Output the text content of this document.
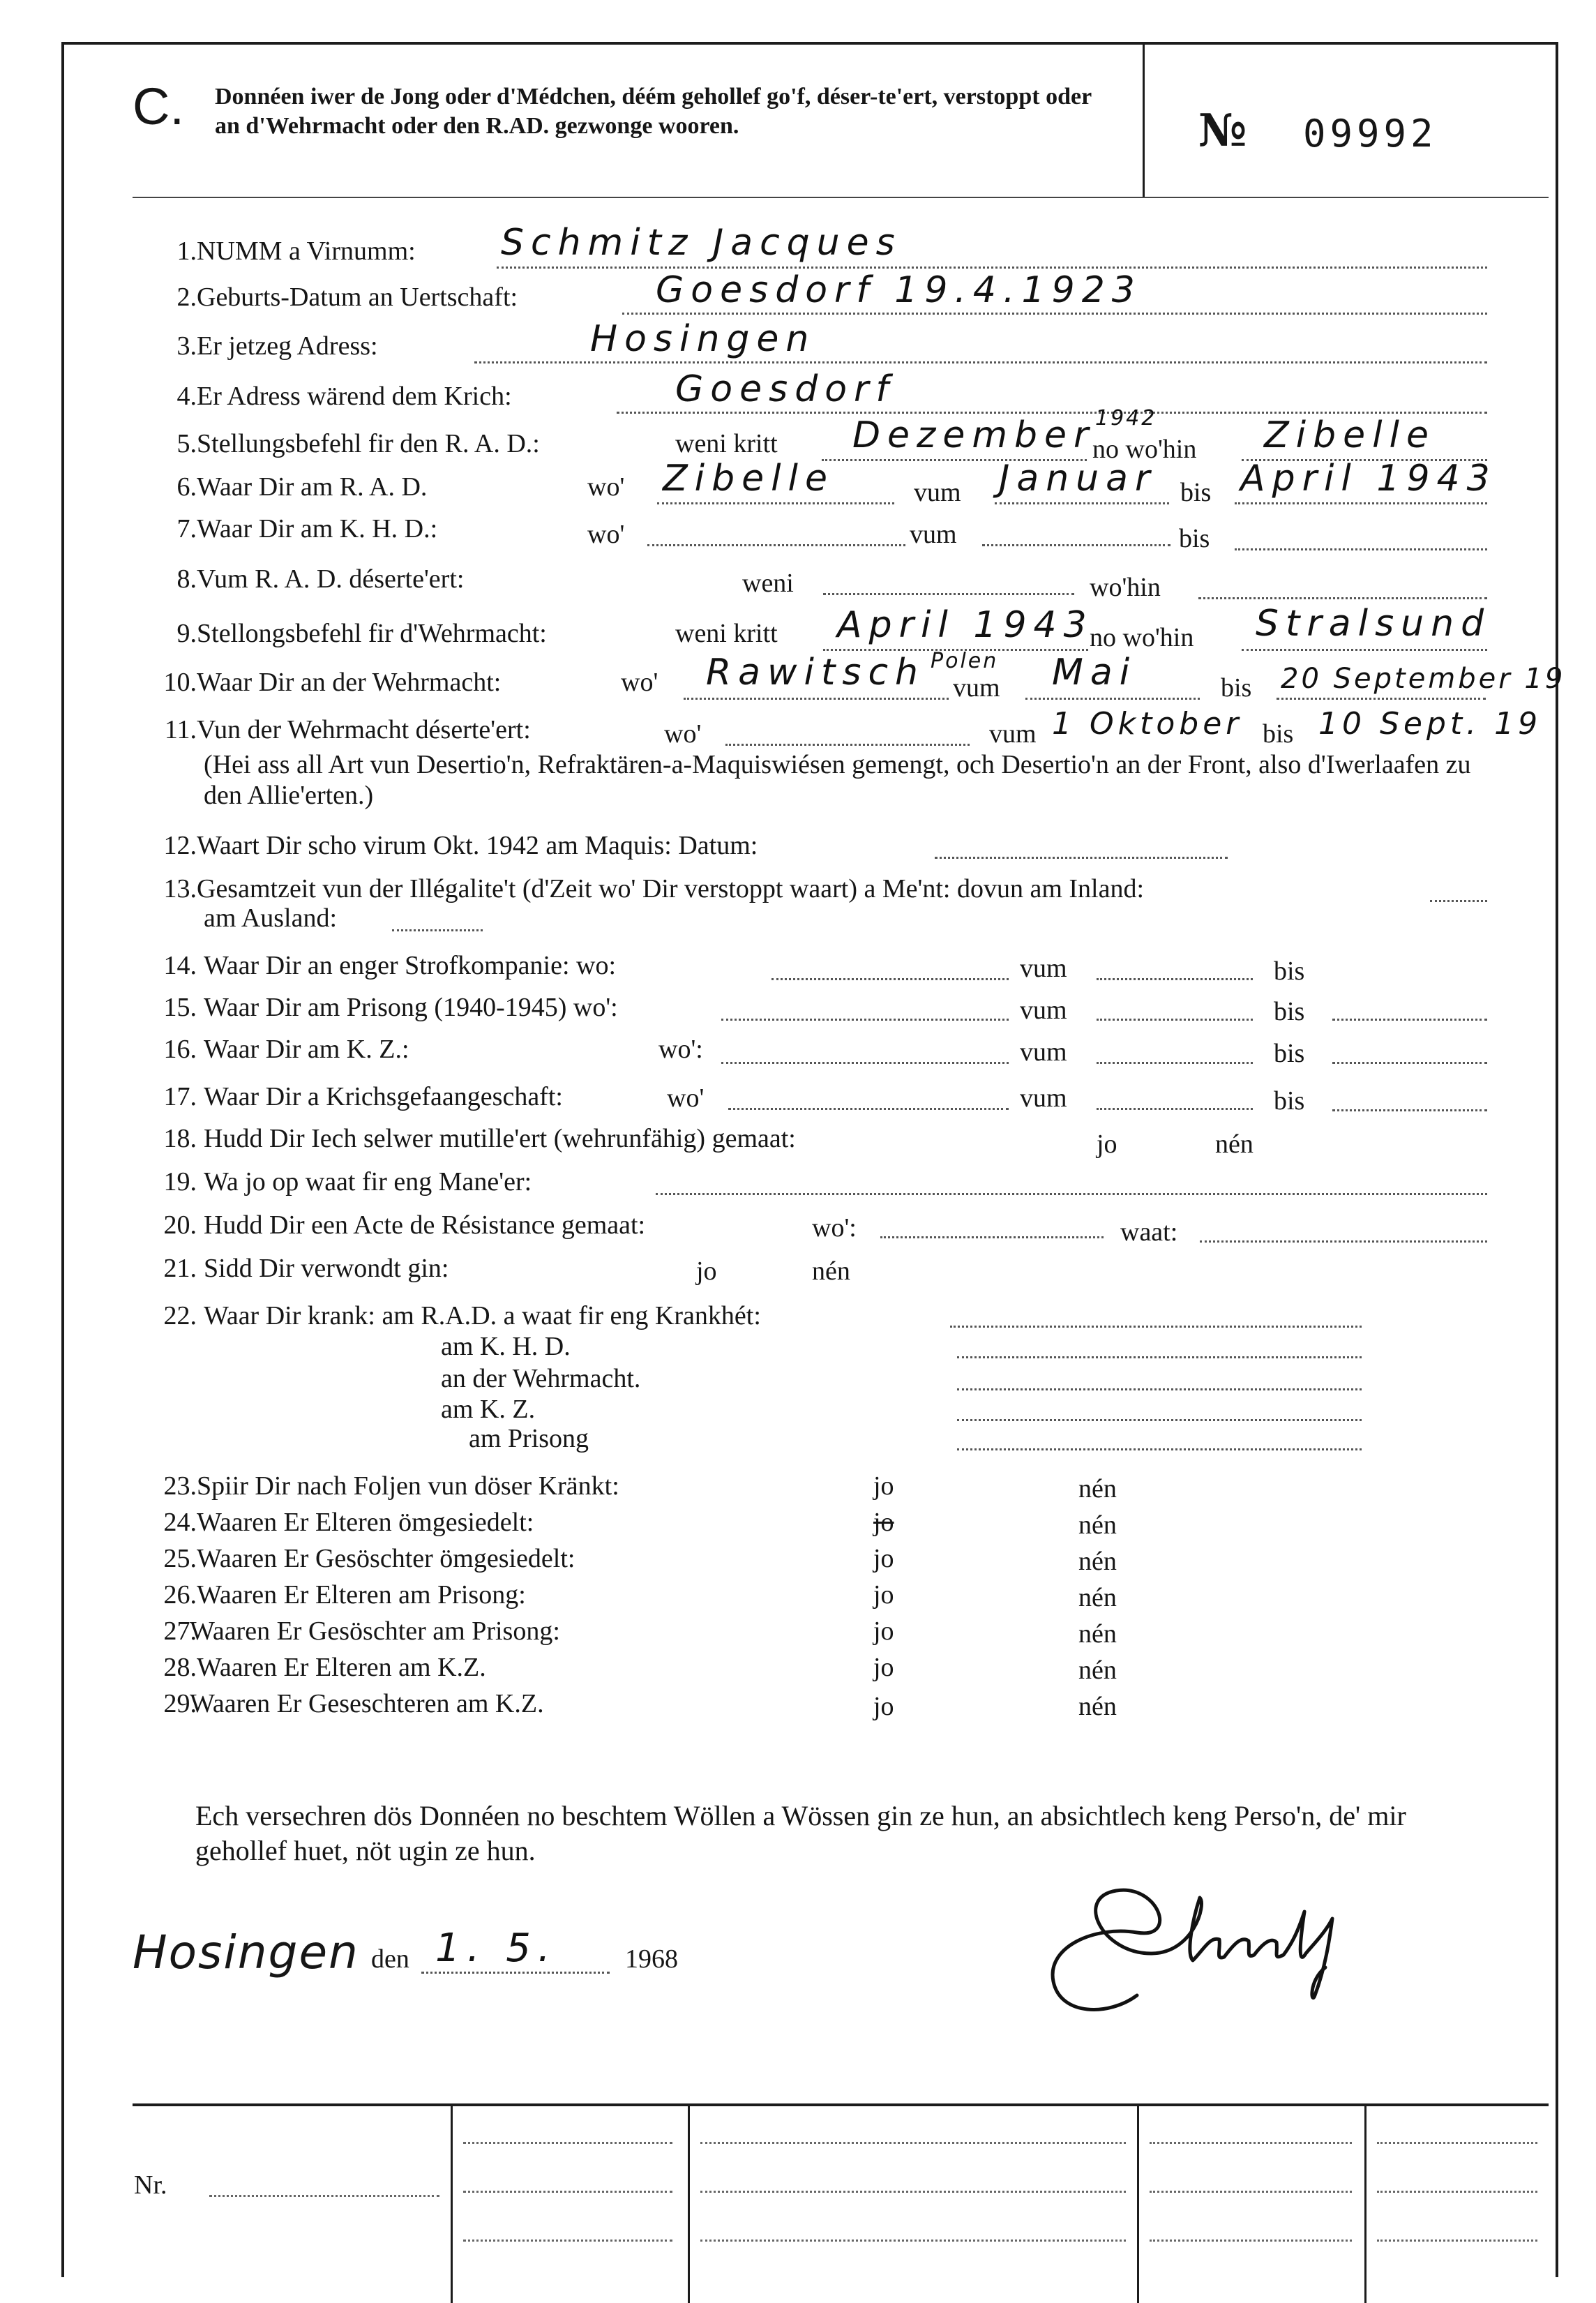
C. Donnéen iwer de Jong oder d'Médchen, déém gehollef go'f, déser-te'ert, verstoppt oder an d'Wehrmacht oder den R.AD. gezwonge wooren.	№ 09992
1. NUMM a Virnumm: Schmitz Jacques
2. Geburts-Datum an Uertschaft:	Goesdorf 19.4.1923
3. Er jetzeg Adress:	Hosingen
4. Er Adress wärend dem Krich:	Goesdorf
5. Stellungsbefehl fir den R. A. D.:	weni kritt Dezember 1942
no wo'hin Zibelle
6. Waar Dir am R. A. D.	wo' Zibelle	vum Januar bis April 1943
7. Waar Dir am K. H. D.:	wo'	vum	bis
8. Vum R. A. D. déserte'ert:	weni	wo'hin
9. Stellongsbefehl fir d'Wehrmacht:	weni kritt April 1943
no wo'hin Stralsund
10. Waar Dir an der Wehrmacht:	wo' Rawitsch Polen
vum Mai	bis 20 September 19
11. Vun der Wehrmacht déserte'ert:	wo'	vum 1 Oktober bis 10 Sept. 19
(Hei ass all Art vun Desertio'n, Refraktären-a-Maquiswiésen gemengt, och Desertio'n an der Front, also d'Iwerlaafen zu den Allie'erten.)
12. Waart Dir scho virum Okt. 1942 am Maquis: Datum:
13. Gesamtzeit vun der Illégalite't (d'Zeit wo' Dir verstoppt waart) a Me'nt: dovun am Inland:
am Ausland:
14. Waar Dir an enger Strofkompanie: wo:	vum	bis
15. Waar Dir am Prisong (1940-1945) wo':	vum	bis
16. Waar Dir am K. Z.:	wo':	vum	bis
17. Waar Dir a Krichsgefaangeschaft:	wo'	vum	bis
18. Hudd Dir Iech selwer mutille'ert (wehrunfähig) gemaat:	jo	nén
19. Wa jo op waat fir eng Mane'er:
20. Hudd Dir een Acte de Résistance gemaat:	wo':	waat:
21. Sidd Dir verwondt gin:	jo	nén
22. Waar Dir krank: am R.A.D. a waat fir eng Krankhét:
am K. H. D.
an der Wehrmacht.
am K. Z.
am Prisong
23. Spiir Dir nach Foljen vun döser Kränkt:	jo	nén
24. Waaren Er Elteren ömgesiedelt:	jo	nén
25. Waaren Er Gesöschter ömgesiedelt:	jo	nén
26. Waaren Er Elteren am Prisong:	jo	nén
27.
Waaren Er Gesöschter am Prisong:	jo	nén
28. Waaren Er Elteren am K.Z.	jo	nén
29.
Waaren Er Geseschteren am K.Z.	jo	nén
Ech versechren dös Donnéen no beschtem Wöllen a Wössen gin ze hun, an absichtlech keng Perso'n, de' mir gehollef huet, nöt ugin ze hun.
Hosingen den 1. 5.	1968
Nr.
